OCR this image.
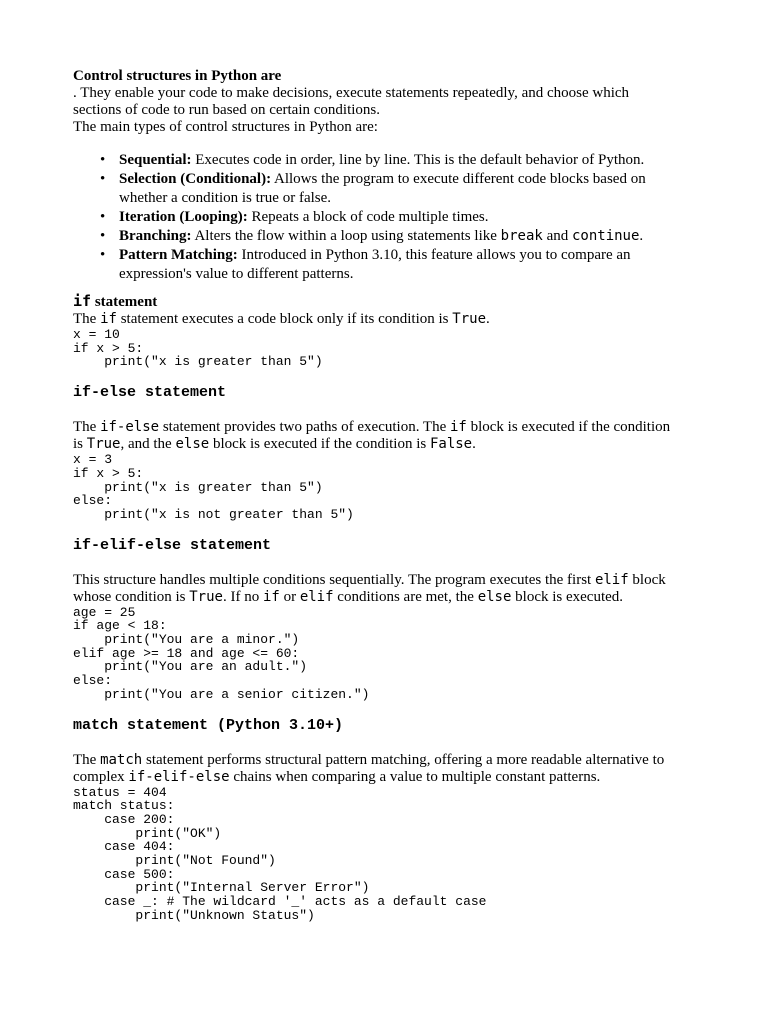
Control structures in Python are
. They enable your code to make decisions, execute statements repeatedly, and choose which
sections of code to run based on certain conditions.
The main types of control structures in Python are:
• Sequential: Executes code in order, line by line. This is the default behavior of Python.
• Selection (Conditional): Allows the program to execute different code blocks based on
whether a condition is true or false.
• Iteration (Looping): Repeats a block of code multiple times.
• Branching: Alters the flow within a loop using statements like break and continue.
• Pattern Matching: Introduced in Python 3.10, this feature allows you to compare an
expression's value to different patterns.
if statement
The if statement executes a code block only if its condition is True.
x = 10
if x > 5:
print("x is greater than 5")
if-else statement
The if-else statement provides two paths of execution. The if block is executed if the condition
is True, and the else block is executed if the condition is False.
x = 3
if x > 5:
print("x is greater than 5")
else:
print("x is not greater than 5")
if-elif-else statement
This structure handles multiple conditions sequentially. The program executes the first elif block
whose condition is True. If no if or elif conditions are met, the else block is executed.
age = 25
if age < 18:
print("You are a minor.")
elif age >= 18 and age <= 60:
print("You are an adult.")
else:
print("You are a senior citizen.")
match statement (Python 3.10+)
The match statement performs structural pattern matching, offering a more readable alternative to
complex if-elif-else chains when comparing a value to multiple constant patterns.
status = 404
match status:
case 200:
print("OK")
case 404:
print("Not Found")
case 500:
print("Internal Server Error")
case _: # The wildcard '_' acts as a default case
print("Unknown Status")
